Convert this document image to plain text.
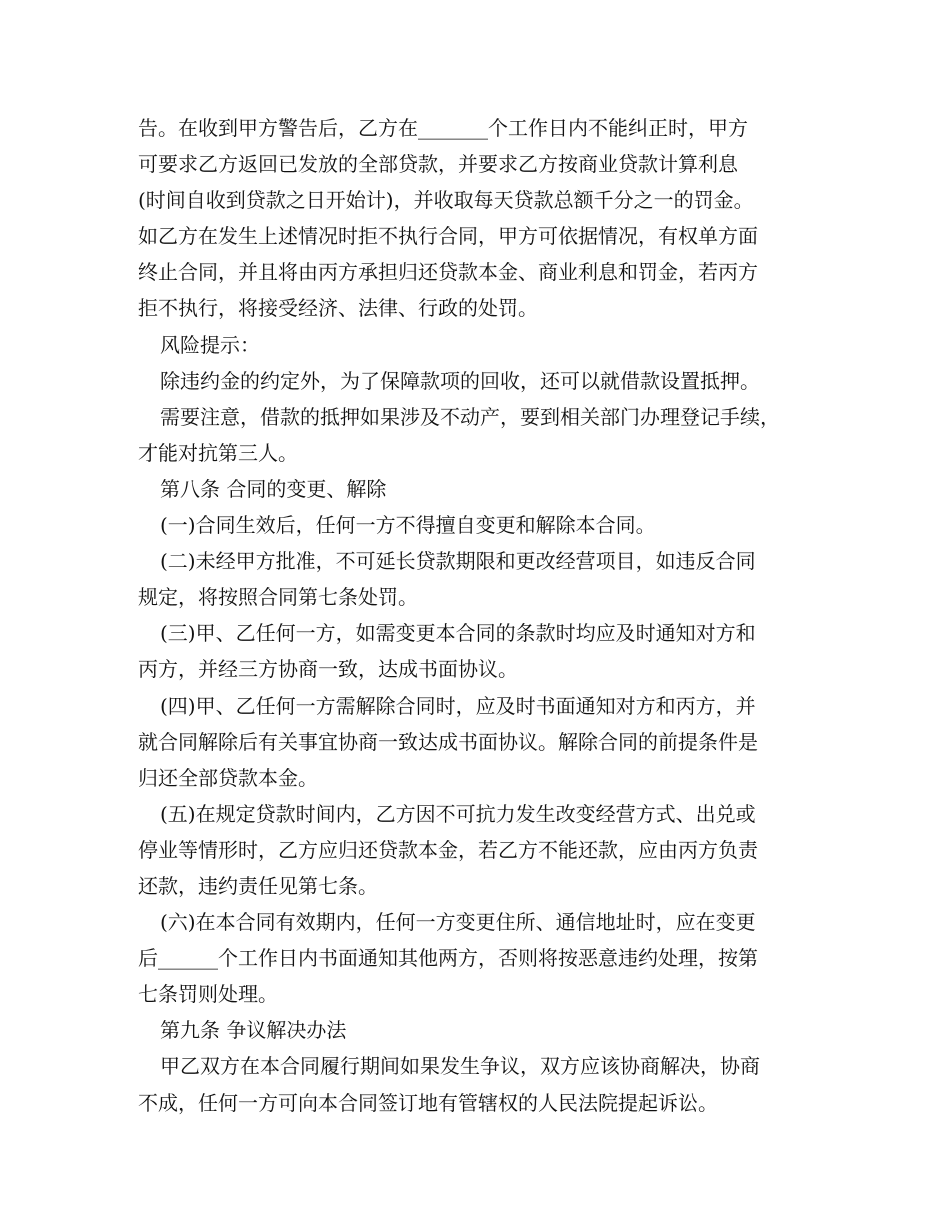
告。在收到甲方警告后，乙方在_______个工作日内不能纠正时，甲方
可要求乙方返回已发放的全部贷款，并要求乙方按商业贷款计算利息
(时间自收到贷款之日开始计)，并收取每天贷款总额千分之一的罚金。
如乙方在发生上述情况时拒不执行合同，甲方可依据情况，有权单方面
终止合同，并且将由丙方承担归还贷款本金、商业利息和罚金，若丙方
拒不执行，将接受经济、法律、行政的处罚。
风险提示：
除违约金的约定外，为了保障款项的回收，还可以就借款设置抵押。
需要注意，借款的抵押如果涉及不动产，要到相关部门办理登记手续，
才能对抗第三人。
第八条 合同的变更、解除
(一)合同生效后，任何一方不得擅自变更和解除本合同。
(二)未经甲方批准，不可延长贷款期限和更改经营项目，如违反合同
规定，将按照合同第七条处罚。
(三)甲、乙任何一方，如需变更本合同的条款时均应及时通知对方和
丙方，并经三方协商一致，达成书面协议。
(四)甲、乙任何一方需解除合同时，应及时书面通知对方和丙方，并
就合同解除后有关事宜协商一致达成书面协议。解除合同的前提条件是
归还全部贷款本金。
(五)在规定贷款时间内，乙方因不可抗力发生改变经营方式、出兑或
停业等情形时，乙方应归还贷款本金，若乙方不能还款，应由丙方负责
还款，违约责任见第七条。
(六)在本合同有效期内，任何一方变更住所、通信地址时，应在变更
后______个工作日内书面通知其他两方，否则将按恶意违约处理，按第
七条罚则处理。
第九条 争议解决办法
甲乙双方在本合同履行期间如果发生争议，双方应该协商解决，协商
不成，任何一方可向本合同签订地有管辖权的人民法院提起诉讼。
